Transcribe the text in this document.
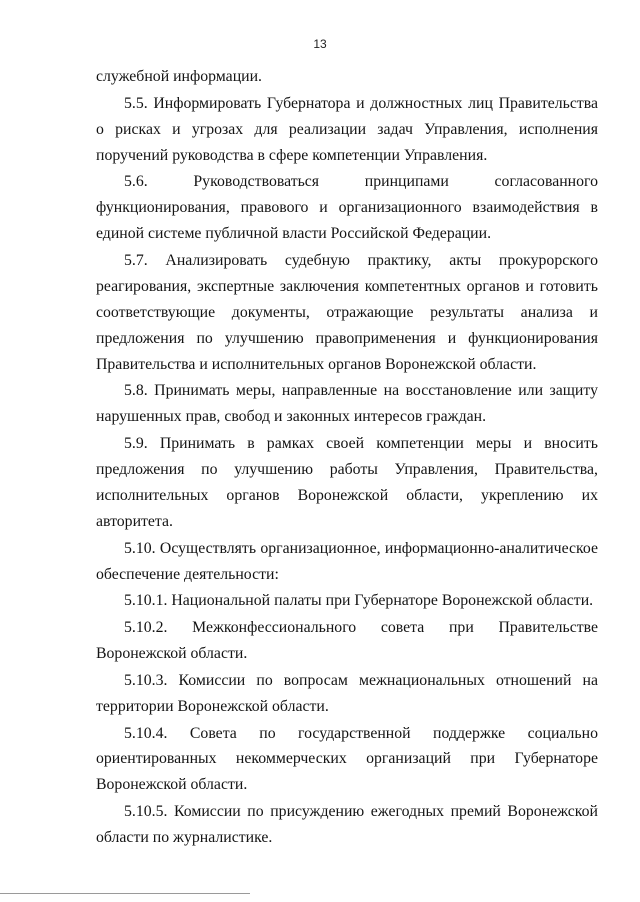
13

служебной информации.

5.5. Информировать Губернатора и должностных лиц Правительства о рисках и угрозах для реализации задач Управления, исполнения поручений руководства в сфере компетенции Управления.

5.6. Руководствоваться принципами согласованного функционирования, правового и организационного взаимодействия в единой системе публичной власти Российской Федерации.

5.7. Анализировать судебную практику, акты прокурорского реагирования, экспертные заключения компетентных органов и готовить соответствующие документы, отражающие результаты анализа и предложения по улучшению правоприменения и функционирования Правительства и исполнительных органов Воронежской области.

5.8. Принимать меры, направленные на восстановление или защиту нарушенных прав, свобод и законных интересов граждан.

5.9. Принимать в рамках своей компетенции меры и вносить предложения по улучшению работы Управления, Правительства, исполнительных органов Воронежской области, укреплению их авторитета.

5.10. Осуществлять организационное, информационно-аналитическое обеспечение деятельности:

5.10.1. Национальной палаты при Губернаторе Воронежской области.

5.10.2. Межконфессионального совета при Правительстве Воронежской области.

5.10.3. Комиссии по вопросам межнациональных отношений на территории Воронежской области.

5.10.4. Совета по государственной поддержке социально ориентированных некоммерческих организаций при Губернаторе Воронежской области.

5.10.5. Комиссии по присуждению ежегодных премий Воронежской области по журналистике.
